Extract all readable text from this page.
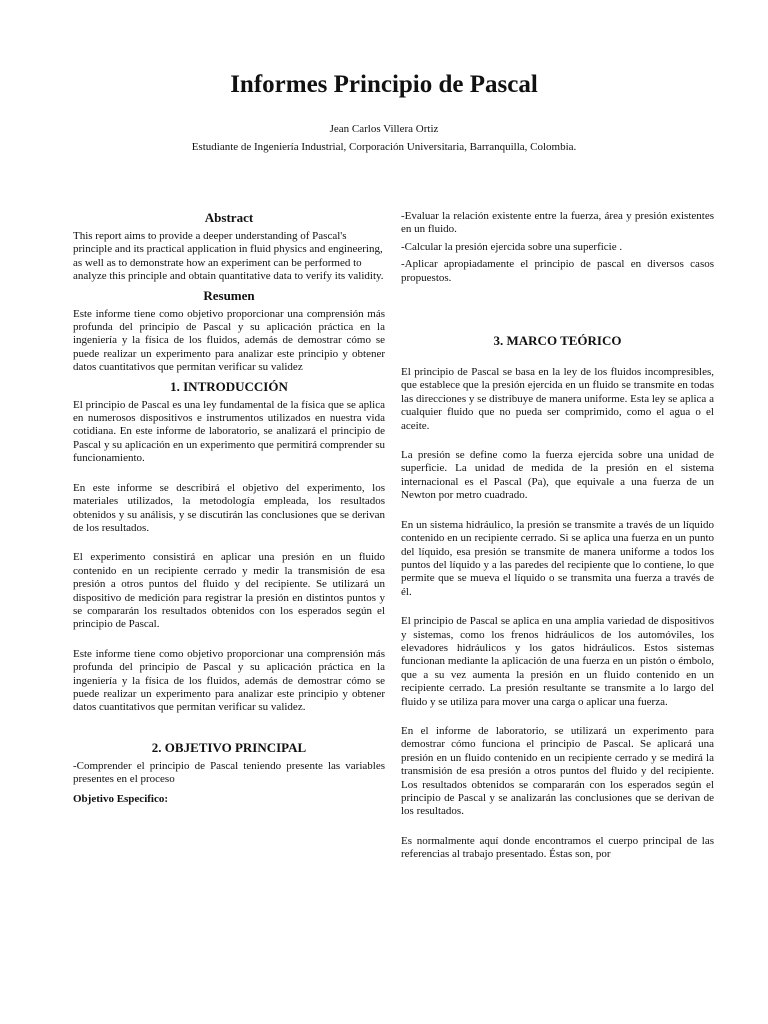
Informes Principio de Pascal

Jean Carlos Villera Ortiz

Estudiante de Ingeniería Industrial, Corporación Universitaria, Barranquilla, Colombia.

Abstract

This report aims to provide a deeper understanding of Pascal's principle and its practical application in fluid physics and engineering, as well as to demonstrate how an experiment can be performed to analyze this principle and obtain quantitative data to verify its validity.

Resumen

Este informe tiene como objetivo proporcionar una comprensión más profunda del principio de Pascal y su aplicación práctica en la ingeniería y la física de los fluidos, además de demostrar cómo se puede realizar un experimento para analizar este principio y obtener datos cuantitativos que permitan verificar su validez

1. INTRODUCCIÓN

El principio de Pascal es una ley fundamental de la física que se aplica en numerosos dispositivos e instrumentos utilizados en nuestra vida cotidiana. En este informe de laboratorio, se analizará el principio de Pascal y su aplicación en un experimento que permitirá comprender su funcionamiento.

En este informe se describirá el objetivo del experimento, los materiales utilizados, la metodología empleada, los resultados obtenidos y su análisis, y se discutirán las conclusiones que se derivan de los resultados.

El experimento consistirá en aplicar una presión en un fluido contenido en un recipiente cerrado y medir la transmisión de esa presión a otros puntos del fluido y del recipiente. Se utilizará un dispositivo de medición para registrar la presión en distintos puntos y se compararán los resultados obtenidos con los esperados según el principio de Pascal.

Este informe tiene como objetivo proporcionar una comprensión más profunda del principio de Pascal y su aplicación práctica en la ingeniería y la física de los fluidos, además de demostrar cómo se puede realizar un experimento para analizar este principio y obtener datos cuantitativos que permitan verificar su validez.

2. OBJETIVO PRINCIPAL

-Comprender el principio de Pascal teniendo presente las variables presentes en el proceso

Objetivo Especifico:

-Evaluar la relación existente entre la fuerza, área y presión existentes en un fluido.

-Calcular la presión ejercida sobre una superficie .

-Aplicar apropiadamente el principio de pascal en diversos casos propuestos.

3. MARCO TEÓRICO

El principio de Pascal se basa en la ley de los fluidos incompresibles, que establece que la presión ejercida en un fluido se transmite en todas las direcciones y se distribuye de manera uniforme. Esta ley se aplica a cualquier fluido que no pueda ser comprimido, como el agua o el aceite.

La presión se define como la fuerza ejercida sobre una unidad de superficie. La unidad de medida de la presión en el sistema internacional es el Pascal (Pa), que equivale a una fuerza de un Newton por metro cuadrado.

En un sistema hidráulico, la presión se transmite a través de un líquido contenido en un recipiente cerrado. Si se aplica una fuerza en un punto del líquido, esa presión se transmite de manera uniforme a todos los puntos del líquido y a las paredes del recipiente que lo contiene, lo que permite que se mueva el líquido o se transmita una fuerza a través de él.

El principio de Pascal se aplica en una amplia variedad de dispositivos y sistemas, como los frenos hidráulicos de los automóviles, los elevadores hidráulicos y los gatos hidráulicos. Estos sistemas funcionan mediante la aplicación de una fuerza en un pistón o émbolo, que a su vez aumenta la presión en un fluido contenido en un recipiente cerrado. La presión resultante se transmite a lo largo del fluido y se utiliza para mover una carga o aplicar una fuerza.

En el informe de laboratorio, se utilizará un experimento para demostrar cómo funciona el principio de Pascal. Se aplicará una presión en un fluido contenido en un recipiente cerrado y se medirá la transmisión de esa presión a otros puntos del fluido y del recipiente. Los resultados obtenidos se compararán con los esperados según el principio de Pascal y se analizarán las conclusiones que se derivan de los resultados.

Es normalmente aquí donde encontramos el cuerpo principal de las referencias al trabajo presentado. Éstas son, por
